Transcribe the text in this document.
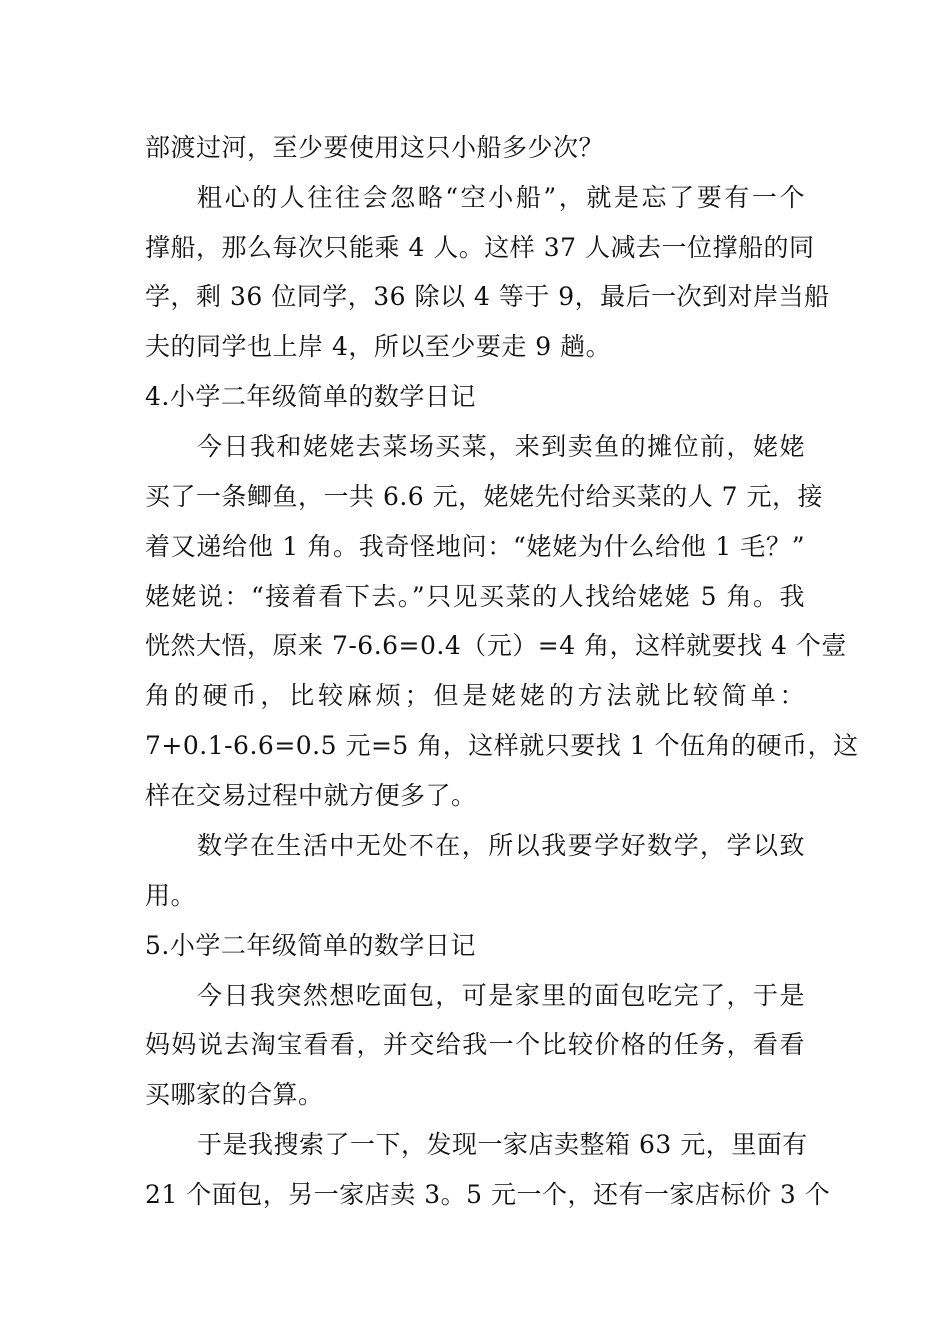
部渡过河，至少要使用这只小船多少次？
粗心的人往往会忽略“空小船”，就是忘了要有一个
撑船，那么每次只能乘 4 人。这样 37 人减去一位撑船的同
学，剩 36 位同学，36 除以 4 等于 9，最后一次到对岸当船
夫的同学也上岸 4，所以至少要走 9 趟。
4.小学二年级简单的数学日记
今日我和姥姥去菜场买菜，来到卖鱼的摊位前，姥姥
买了一条鲫鱼，一共 6.6 元，姥姥先付给买菜的人 7 元，接
着又递给他 1 角。我奇怪地问：“姥姥为什么给他 1 毛？”
姥姥说：“接着看下去。”只见买菜的人找给姥姥 5 角。我
恍然大悟，原来 7-6.6=0.4（元）=4 角，这样就要找 4 个壹
角的硬币，比较麻烦；但是姥姥的方法就比较简单：
7+0.1-6.6=0.5 元=5 角，这样就只要找 1 个伍角的硬币，这
样在交易过程中就方便多了。
数学在生活中无处不在，所以我要学好数学，学以致
用。
5.小学二年级简单的数学日记
今日我突然想吃面包，可是家里的面包吃完了，于是
妈妈说去淘宝看看，并交给我一个比较价格的任务，看看
买哪家的合算。
于是我搜索了一下，发现一家店卖整箱 63 元，里面有
21 个面包，另一家店卖 3。5 元一个，还有一家店标价 3 个
